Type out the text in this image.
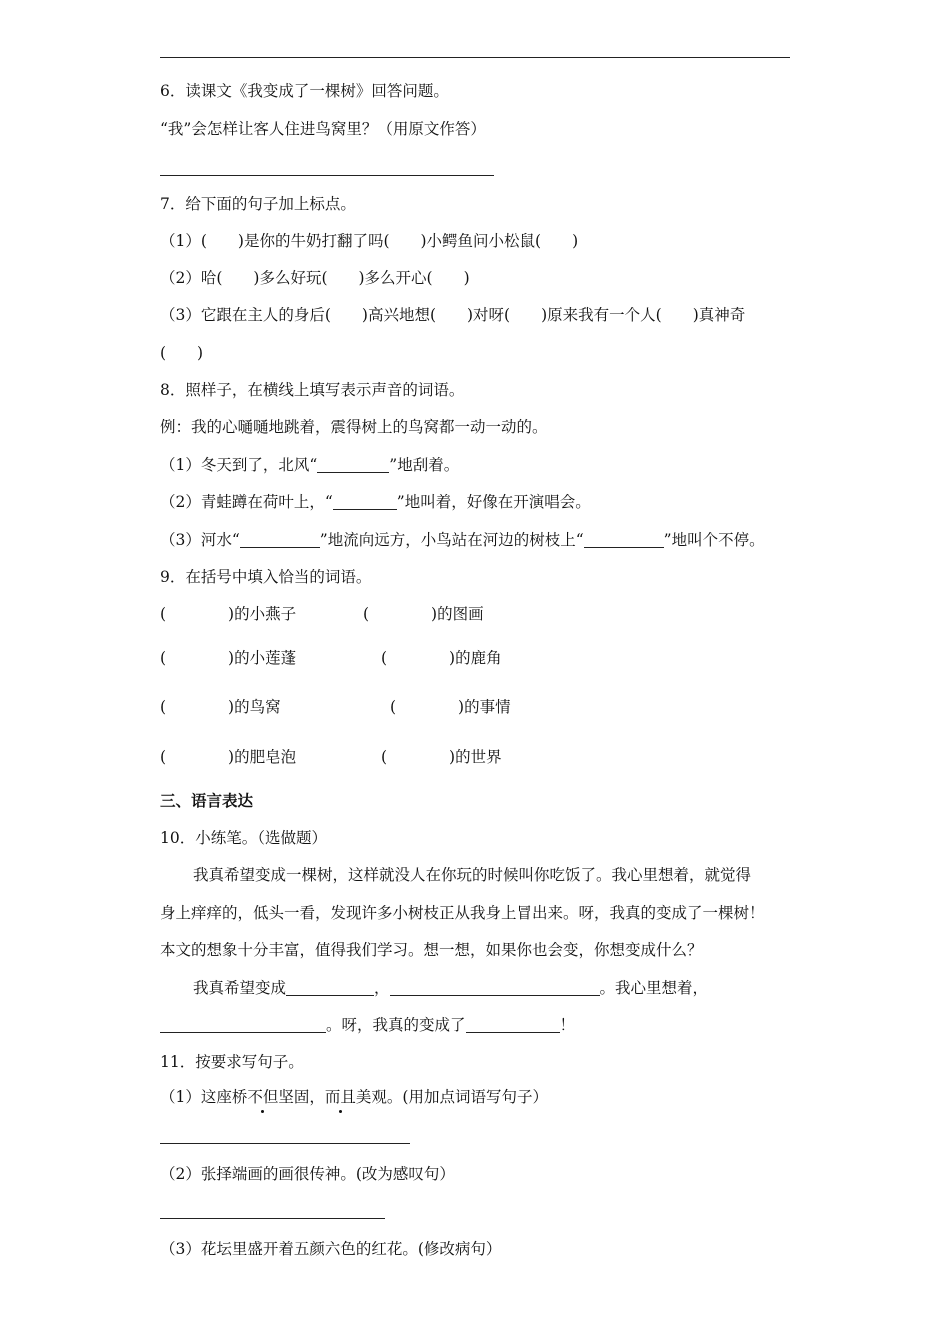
6．读课文《我变成了一棵树》回答问题。
“我”会怎样让客人住进鸟窝里？（用原文作答）
7．给下面的句子加上标点。
（1）(　　)是你的牛奶打翻了吗(　　)小鳄鱼问小松鼠(　　)
（2）哈(　　)多么好玩(　　)多么开心(　　)
（3）它跟在主人的身后(　　)高兴地想(　　)对呀(　　)原来我有一个人(　　)真神奇
(　　)
8．照样子，在横线上填写表示声音的词语。
例：我的心嗵嗵地跳着，震得树上的鸟窝都一动一动的。
（1）冬天到了，北风“	”地刮着。
（2）青蛙蹲在荷叶上，“	”地叫着，好像在开演唱会。
（3）河水“	”地流向远方，小鸟站在河边的树枝上“	”地叫个不停。
9．在括号中填入恰当的词语。
(　　　　)的小燕子	(　　　　)的图画
(　　　　)的小莲蓬	(　　　　)的鹿角
(　　　　)的鸟窝	(　　　　)的事情
(　　　　)的肥皂泡	(　　　　)的世界
三、语言表达
10．小练笔。（选做题）
我真希望变成一棵树，这样就没人在你玩的时候叫你吃饭了。我心里想着，就觉得
身上痒痒的，低头一看，发现许多小树枝正从我身上冒出来。呀，我真的变成了一棵树！
本文的想象十分丰富，值得我们学习。想一想，如果你也会变，你想变成什么？
我真希望变成	，	。我心里想着，
。呀，我真的变成了	！
11．按要求写句子。
（1）这座桥不但坚固，而且美观。(用加点词语写句子）
（2）张择端画的画很传神。(改为感叹句）
（3）花坛里盛开着五颜六色的红花。(修改病句）
